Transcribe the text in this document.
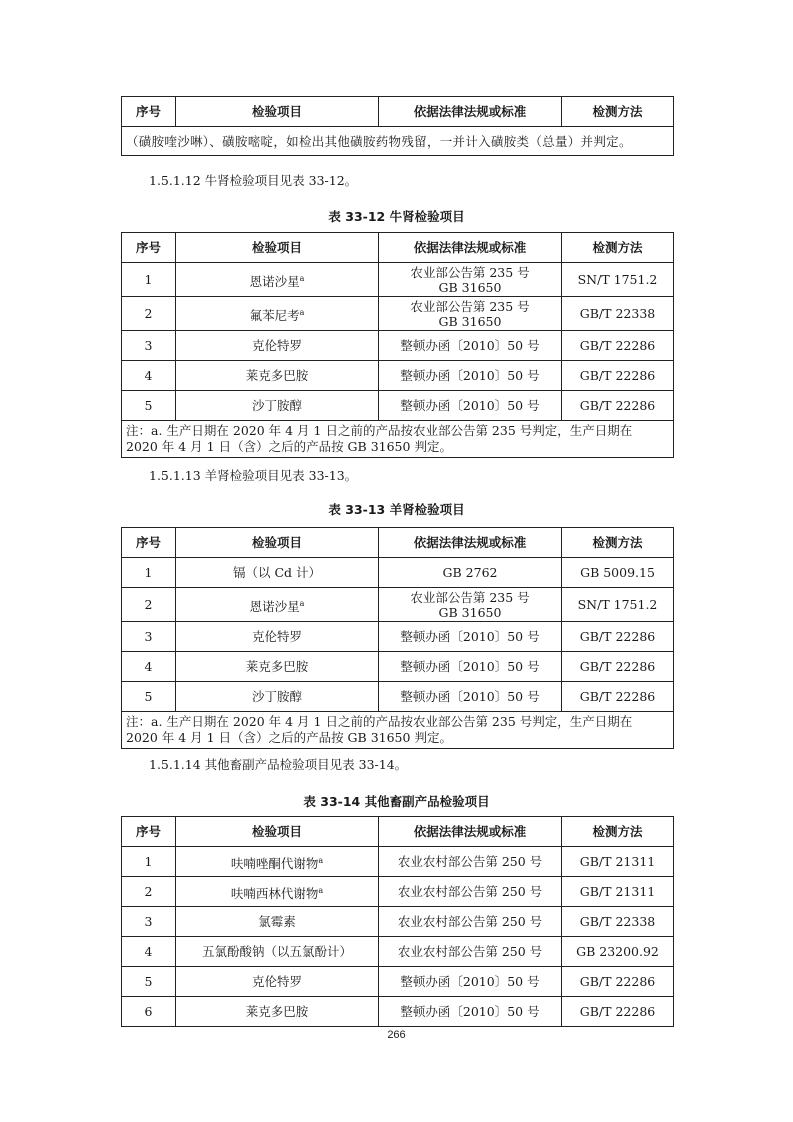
序号	检验项目	依据法律法规或标准	检测方法
（磺胺喹沙啉）、磺胺嘧啶，如检出其他磺胺药物残留，一并计入磺胺类（总量）并判定。
1.5.1.12 牛肾检验项目见表 33-12。
表 33-12 牛肾检验项目
序号	检验项目	依据法律法规或标准	检测方法
1	恩诺沙星$^a$	农业部公告第 235 号
GB 31650	SN/T 1751.2
2	氟苯尼考$^a$	农业部公告第 235 号
GB 31650	GB/T 22338
3	克伦特罗	整顿办函〔2010〕50 号	GB/T 22286
4	莱克多巴胺	整顿办函〔2010〕50 号	GB/T 22286
5	沙丁胺醇	整顿办函〔2010〕50 号	GB/T 22286

注：a. 生产日期在 2020 年 4 月 1 日之前的产品按农业部公告第 235 号判定，生产日期在
2020 年 4 月 1 日（含）之后的产品按 GB 31650 判定。			
1.5.1.13 羊肾检验项目见表 33-13。
表 33-13 羊肾检验项目
序号	检验项目	依据法律法规或标准	检测方法
1	镉（以 Cd 计）	GB 2762	GB 5009.15
2	恩诺沙星$^a$	农业部公告第 235 号
GB 31650	SN/T 1751.2
3	克伦特罗	整顿办函〔2010〕50 号	GB/T 22286
4	莱克多巴胺	整顿办函〔2010〕50 号	GB/T 22286
5	沙丁胺醇	整顿办函〔2010〕50 号	GB/T 22286

注：a. 生产日期在 2020 年 4 月 1 日之前的产品按农业部公告第 235 号判定，生产日期在
2020 年 4 月 1 日（含）之后的产品按 GB 31650 判定。			
1.5.1.14 其他畜副产品检验项目见表 33-14。
表 33-14 其他畜副产品检验项目
序号	检验项目	依据法律法规或标准	检测方法
1	呋喃唑酮代谢物$^a$	农业农村部公告第 250 号	GB/T 21311
2	呋喃西林代谢物$^a$	农业农村部公告第 250 号	GB/T 21311
3	氯霉素	农业农村部公告第 250 号	GB/T 22338
4	五氯酚酸钠（以五氯酚计）	农业农村部公告第 250 号	GB 23200.92
5	克伦特罗	整顿办函〔2010〕50 号	GB/T 22286
6	莱克多巴胺	整顿办函〔2010〕50 号	GB/T 22286
266
